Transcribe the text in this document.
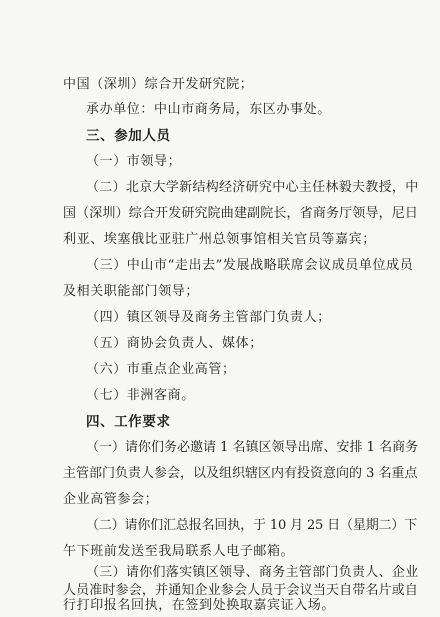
中国（深圳）综合开发研究院；
承办单位：中山市商务局，东区办事处。
三、参加人员
（一）市领导；
（二）北京大学新结构经济研究中心主任林毅夫教授，中
国（深圳）综合开发研究院曲建副院长，省商务厅领导，尼日
利亚、埃塞俄比亚驻广州总领事馆相关官员等嘉宾；
（三）中山市“走出去”发展战略联席会议成员单位成员
及相关职能部门领导；
（四）镇区领导及商务主管部门负责人；
（五）商协会负责人、媒体；
（六）市重点企业高管；
（七）非洲客商。
四、工作要求
（一）请你们务必邀请 1 名镇区领导出席、安排 1 名商务
主管部门负责人参会，以及组织辖区内有投资意向的 3 名重点
企业高管参会；
（二）请你们汇总报名回执，于 10 月 25 日（星期二）下
午下班前发送至我局联系人电子邮箱。
（三）请你们落实镇区领导、商务主管部门负责人、企业
人员准时参会，并通知企业参会人员于会议当天自带名片或自
行打印报名回执，在签到处换取嘉宾证入场。
